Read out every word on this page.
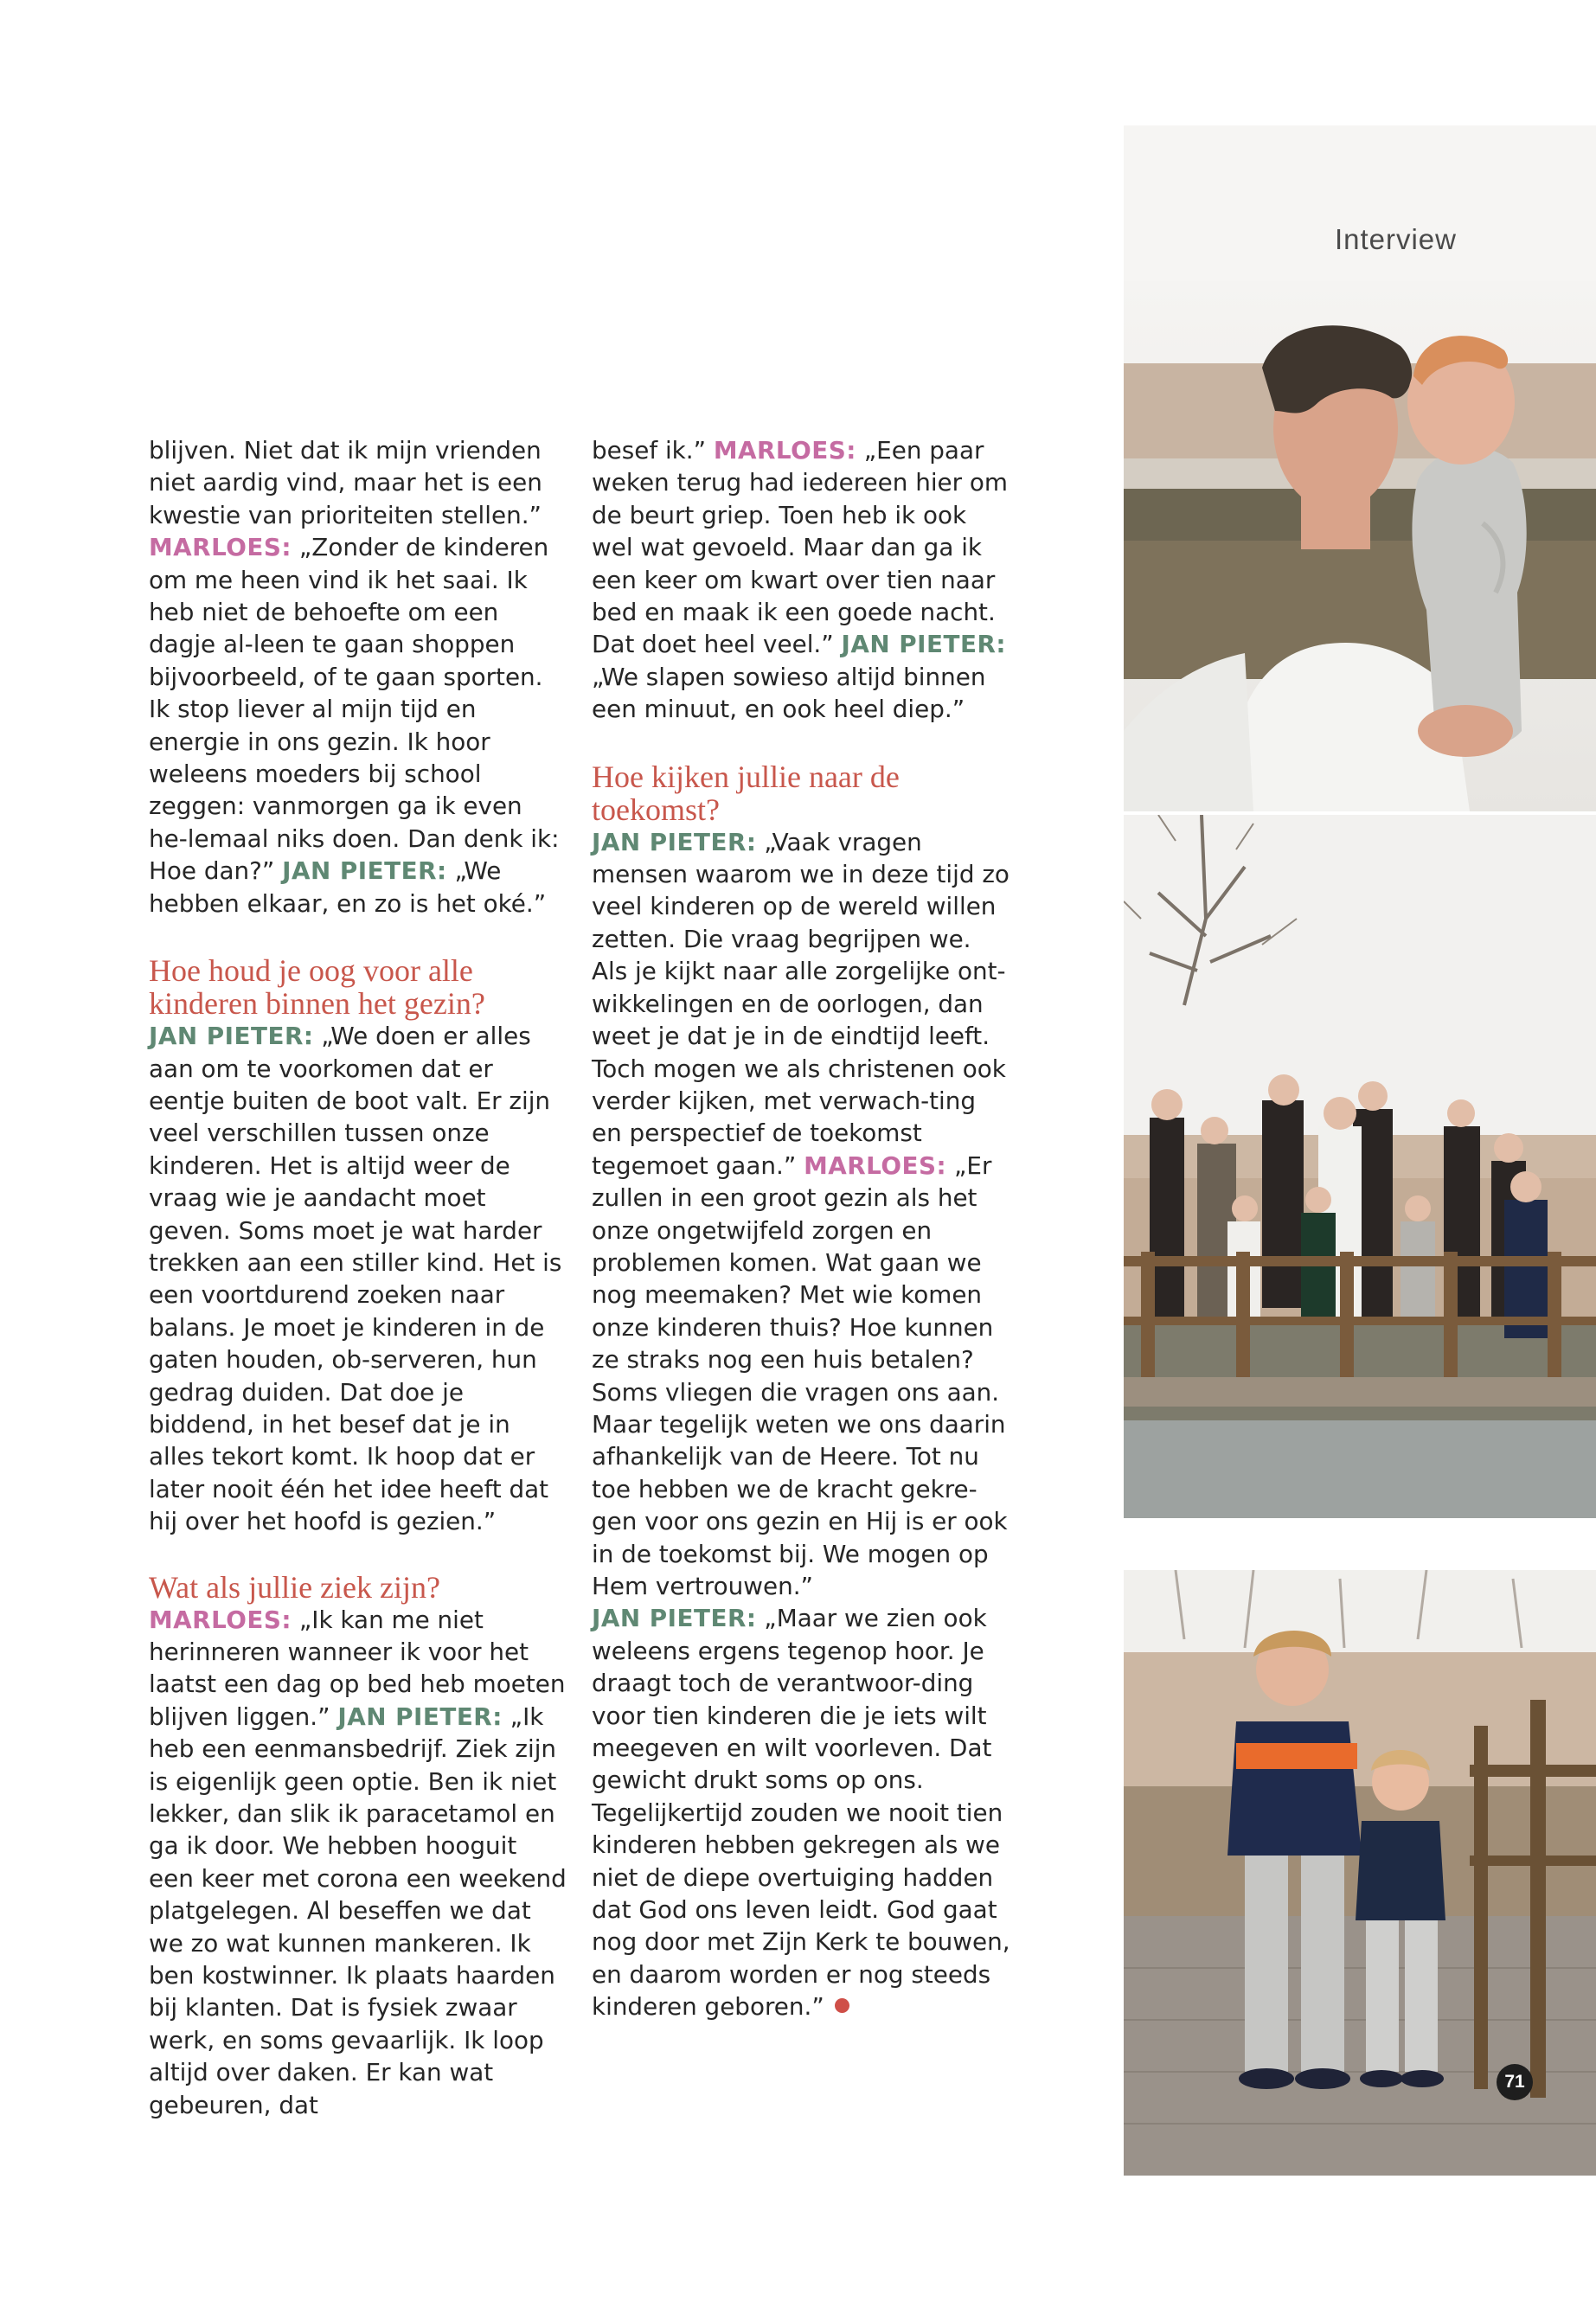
Interview

blijven. Niet dat ik mijn vrienden niet aardig vind, maar het is een kwestie van prioriteiten stellen.”
MARLOES: „Zonder de kinderen om me heen vind ik het saai. Ik heb niet de behoefte om een dagje al-leen te gaan shoppen bijvoorbeeld, of te gaan sporten. Ik stop liever al mijn tijd en energie in ons gezin. Ik hoor weleens moeders bij school zeggen: vanmorgen ga ik even he-lemaal niks doen. Dan denk ik: Hoe dan?” JAN PIETER: „We hebben elkaar, en zo is het oké.”

Hoe houd je oog voor alle kinderen binnen het gezin?

JAN PIETER: „We doen er alles aan om te voorkomen dat er eentje buiten de boot valt. Er zijn veel verschillen tussen onze kinderen. Het is altijd weer de vraag wie je aandacht moet geven. Soms moet je wat harder trekken aan een stiller kind. Het is een voortdurend zoeken naar balans. Je moet je kinderen in de gaten houden, ob-serveren, hun gedrag duiden. Dat doe je biddend, in het besef dat je in alles tekort komt. Ik hoop dat er later nooit één het idee heeft dat hij over het hoofd is gezien.”

Wat als jullie ziek zijn?

MARLOES: „Ik kan me niet herinneren wanneer ik voor het laatst een dag op bed heb moeten blijven liggen.” JAN PIETER: „Ik heb een eenmansbedrijf. Ziek zijn is eigenlijk geen optie. Ben ik niet lekker, dan slik ik paracetamol en ga ik door. We hebben hooguit een keer met corona een weekend platgelegen. Al beseffen we dat we zo wat kunnen mankeren. Ik ben kostwinner. Ik plaats haarden bij klanten. Dat is fysiek zwaar werk, en soms gevaarlijk. Ik loop altijd over daken. Er kan wat gebeuren, dat

besef ik.” MARLOES: „Een paar weken terug had iedereen hier om de beurt griep. Toen heb ik ook wel wat gevoeld. Maar dan ga ik een keer om kwart over tien naar bed en maak ik een goede nacht. Dat doet heel veel.” JAN PIETER: „We slapen sowieso altijd binnen een minuut, en ook heel diep.”

Hoe kijken jullie naar de toekomst?

JAN PIETER: „Vaak vragen mensen waarom we in deze tijd zo veel kinderen op de wereld willen zetten. Die vraag begrijpen we. Als je kijkt naar alle zorgelijke ont-wikkelingen en de oorlogen, dan weet je dat je in de eindtijd leeft. Toch mogen we als christenen ook verder kijken, met verwach-ting en perspectief de toekomst tegemoet gaan.” MARLOES: „Er zullen in een groot gezin als het onze ongetwijfeld zorgen en problemen komen. Wat gaan we nog meemaken? Met wie komen onze kinderen thuis? Hoe kunnen ze straks nog een huis betalen? Soms vliegen die vragen ons aan. Maar tegelijk weten we ons daarin afhankelijk van de Heere. Tot nu toe hebben we de kracht gekre-gen voor ons gezin en Hij is er ook in de toekomst bij. We mogen op Hem vertrouwen.”

JAN PIETER: „Maar we zien ook weleens ergens tegenop hoor. Je draagt toch de verantwoor-ding voor tien kinderen die je iets wilt meegeven en wilt voorleven. Dat gewicht drukt soms op ons. Tegelijkertijd zouden we nooit tien kinderen hebben gekregen als we niet de diepe overtuiging hadden dat God ons leven leidt. God gaat nog door met Zijn Kerk te bouwen, en daarom worden er nog steeds kinderen geboren.”

71
